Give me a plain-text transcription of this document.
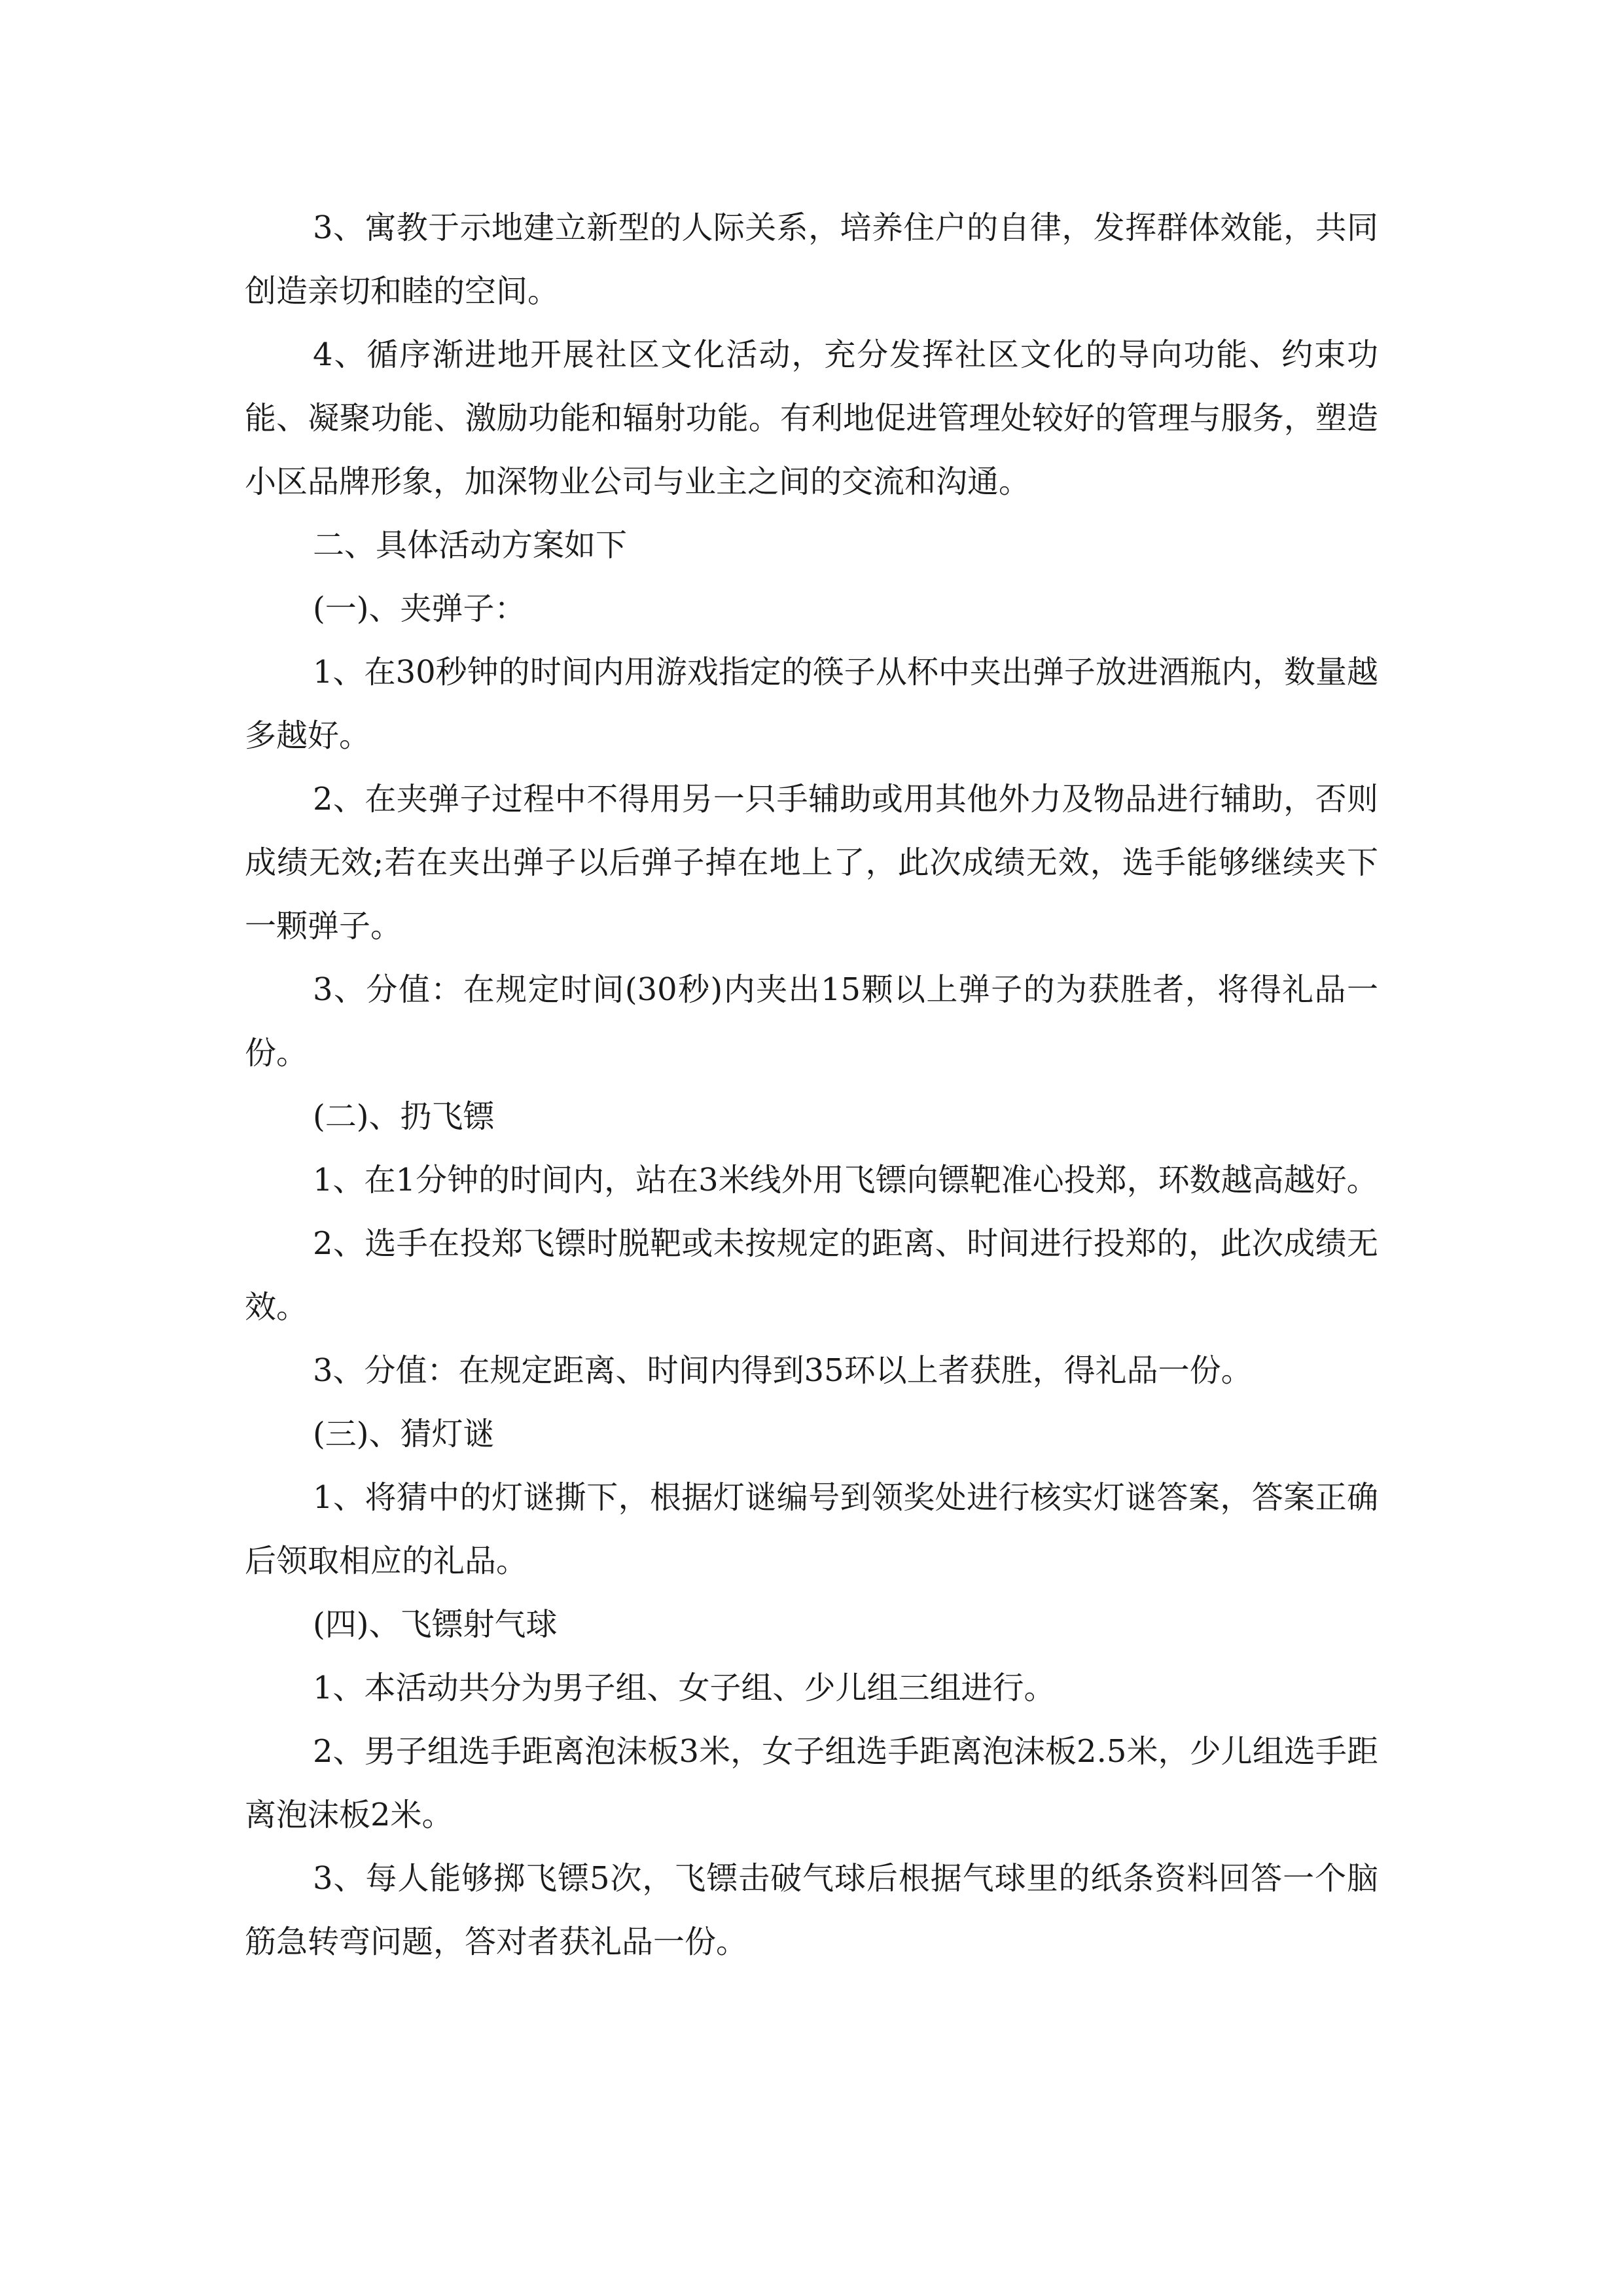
3、寓教于示地建立新型的人际关系，培养住户的自律，发挥群体效能，共同创造亲切和睦的空间。

4、循序渐进地开展社区文化活动，充分发挥社区文化的导向功能、约束功能、凝聚功能、激励功能和辐射功能。有利地促进管理处较好的管理与服务，塑造小区品牌形象，加深物业公司与业主之间的交流和沟通。

二、具体活动方案如下

(一)、夹弹子：

1、在30秒钟的时间内用游戏指定的筷子从杯中夹出弹子放进酒瓶内，数量越多越好。

2、在夹弹子过程中不得用另一只手辅助或用其他外力及物品进行辅助，否则成绩无效;若在夹出弹子以后弹子掉在地上了，此次成绩无效，选手能够继续夹下一颗弹子。

3、分值：在规定时间(30秒)内夹出15颗以上弹子的为获胜者，将得礼品一份。

(二)、扔飞镖

1、在1分钟的时间内，站在3米线外用飞镖向镖靶准心投郑，环数越高越好。

2、选手在投郑飞镖时脱靶或未按规定的距离、时间进行投郑的，此次成绩无效。

3、分值：在规定距离、时间内得到35环以上者获胜，得礼品一份。

(三)、猜灯谜

1、将猜中的灯谜撕下，根据灯谜编号到领奖处进行核实灯谜答案，答案正确后领取相应的礼品。

(四)、飞镖射气球

1、本活动共分为男子组、女子组、少儿组三组进行。

2、男子组选手距离泡沫板3米，女子组选手距离泡沫板2.5米，少儿组选手距离泡沫板2米。

3、每人能够掷飞镖5次，飞镖击破气球后根据气球里的纸条资料回答一个脑筋急转弯问题，答对者获礼品一份。
